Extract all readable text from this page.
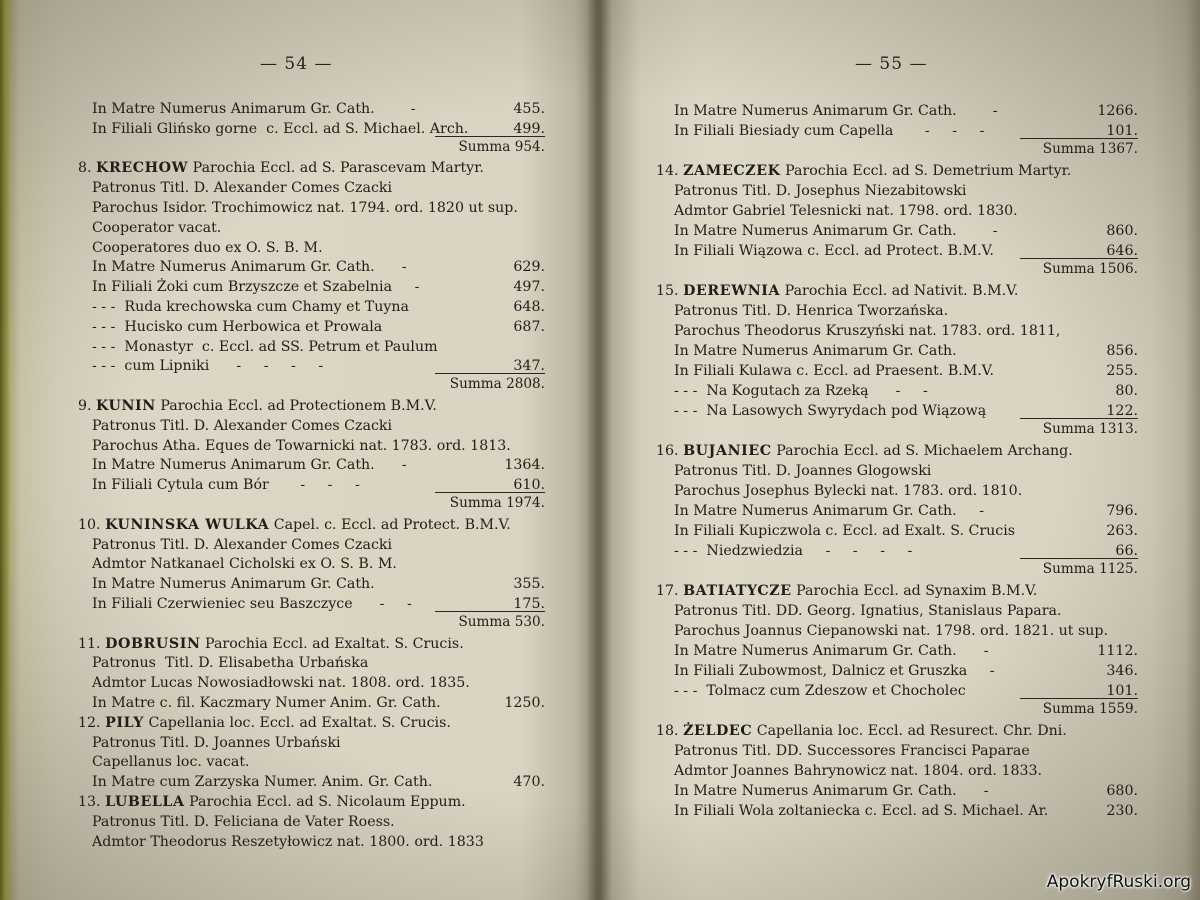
— 54 —
In Matre Numerus Animarum Gr. Cath.        -	455.
In Filiali Glińsko gorne  c. Eccl. ad S. Michael. Arch.	499.
Summa 954.
8. KRECHOW Parochia Eccl. ad S. Parascevam Martyr.
Patronus Titl. D. Alexander Comes Czacki
Parochus Isidor. Trochimowicz nat. 1794. ord. 1820 ut sup.
Cooperator vacat.
Cooperatores duo ex O. S. B. M.
In Matre Numerus Animarum Gr. Cath.      -	629.
In Filiali Żoki cum Brzyszcze et Szabelnia     -	497.
- - -  Ruda krechowska cum Chamy et Tuyna	648.
- - -  Hucisko cum Herbowica et Prowala	687.
- - -  Monastyr  c. Eccl. ad SS. Petrum et Paulum
- - -  cum Lipniki      -     -     -     -	347.
Summa 2808.
9. KUNIN Parochia Eccl. ad Protectionem B.M.V.
Patronus Titl. D. Alexander Comes Czacki
Parochus Atha. Eques de Towarnicki nat. 1783. ord. 1813.
In Matre Numerus Animarum Gr. Cath.      -	1364.
In Filiali Cytula cum Bór       -     -     -	610.
Summa 1974.
10. KUNINSKA WULKA Capel. c. Eccl. ad Protect. B.M.V.
Patronus Titl. D. Alexander Comes Czacki
Admtor Natkanael Cicholski ex O. S. B. M.
In Matre Numerus Animarum Gr. Cath.	355.
In Filiali Czerwieniec seu Baszczyce      -     -	175.
Summa 530.
11. DOBRUSIN Parochia Eccl. ad Exaltat. S. Crucis.
Patronus  Titl. D. Elisabetha Urbańska
Admtor Lucas Nowosiadłowski nat. 1808. ord. 1835.
In Matre c. fil. Kaczmary Numer Anim. Gr. Cath.	1250.
12. PILY Capellania loc. Eccl. ad Exaltat. S. Crucis.
Patronus Titl. D. Joannes Urbański
Capellanus loc. vacat.
In Matre cum Zarzyska Numer. Anim. Gr. Cath.	470.
13. LUBELLA Parochia Eccl. ad S. Nicolaum Eppum.
Patronus Titl. D. Feliciana de Vater Roess.
Admtor Theodorus Reszetyłowicz nat. 1800. ord. 1833
— 55 —
In Matre Numerus Animarum Gr. Cath.        -	1266.
In Filiali Biesiady cum Capella       -     -     -	101.
Summa 1367.
14. ZAMECZEK Parochia Eccl. ad S. Demetrium Martyr.
Patronus Titl. D. Josephus Niezabitowski
Admtor Gabriel Telesnicki nat. 1798. ord. 1830.
In Matre Numerus Animarum Gr. Cath.        -	860.
In Filiali Wiązowa c. Eccl. ad Protect. B.M.V.	646.
Summa 1506.
15. DEREWNIA Parochia Eccl. ad Nativit. B.M.V.
Patronus Titl. D. Henrica Tworzańska.
Parochus Theodorus Kruszyński nat. 1783. ord. 1811,
In Matre Numerus Animarum Gr. Cath.	856.
In Filiali Kulawa c. Eccl. ad Praesent. B.M.V.	255.
- - -  Na Kogutach za Rzeką      -     -	80.
- - -  Na Lasowych Swyrydach pod Wiązową	122.
Summa 1313.
16. BUJANIEC Parochia Eccl. ad S. Michaelem Archang.
Patronus Titl. D. Joannes Glogowski
Parochus Josephus Bylecki nat. 1783. ord. 1810.
In Matre Numerus Animarum Gr. Cath.     -	796.
In Filiali Kupiczwola c. Eccl. ad Exalt. S. Crucis	263.
- - -  Niedzwiedzia     -     -     -     -	66.
Summa 1125.
17. BATIATYCZE Parochia Eccl. ad Synaxim B.M.V.
Patronus Titl. DD. Georg. Ignatius, Stanislaus Papara.
Parochus Joannus Ciepanowski nat. 1798. ord. 1821. ut sup.
In Matre Numerus Animarum Gr. Cath.      -	1112.
In Filiali Zubowmost, Dalnicz et Gruszka     -	346.
- - -  Tolmacz cum Zdeszow et Chocholec	101.
Summa 1559.
18. ŻELDEC Capellania loc. Eccl. ad Resurect. Chr. Dni.
Patronus Titl. DD. Successores Francisci Paparae
Admtor Joannes Bahrynowicz nat. 1804. ord. 1833.
In Matre Numerus Animarum Gr. Cath.      -	680.
In Filiali Wola zoltaniecka c. Eccl. ad S. Michael. Ar.	230.
ApokryfRuski.org
